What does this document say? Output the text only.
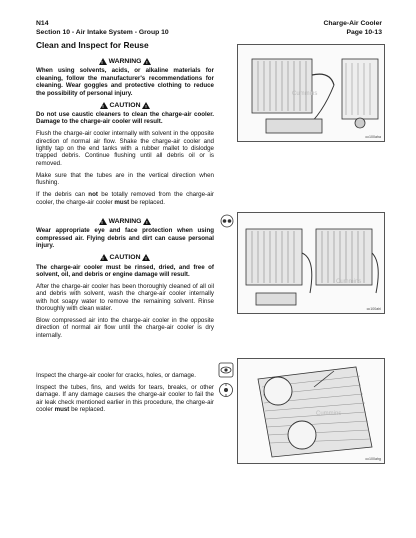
N14
Section 10 - Air Intake System - Group 10
Charge-Air Cooler
Page 10-13
Clean and Inspect for Reuse
!
WARNING
!

When using solvents, acids, or alkaline materials for cleaning, follow the manufacturer's recommendations for cleaning. Wear goggles and protective clothing to reduce the possibility of personal injury.

!
CAUTION
!

Do not use caustic cleaners to clean the charge-air cooler. Damage to the charge-air cooler will result.

Flush the charge-air cooler internally with solvent in the opposite direction of normal air flow. Shake the charge-air cooler and lightly tap on the end tanks with a rubber mallet to dislodge trapped debris. Continue flushing until all debris oil or is removed.

Make sure that the tubes are in the vertical direction when flushing.

If the debris can not be totally removed from the charge-air cooler, the charge-air cooler must be replaced.

Cummins
cc100aha
!
WARNING
!

Wear appropriate eye and face protection when using compressed air. Flying debris and dirt can cause personal injury.

!
CAUTION
!

The charge-air cooler must be rinsed, dried, and free of solvent, oil, and debris or engine damage will result.

After the charge-air cooler has been thoroughly cleaned of all oil and debris with solvent, wash the charge-air cooler internally with hot soapy water to remove the remaining solvent. Rinse thoroughly with clean water.

Blow compressed air into the charge-air cooler in the opposite direction of normal air flow until the charge-air cooler is dry internally.

Cummins
cc100ahi

Inspect the charge-air cooler for cracks, holes, or damage.

Inspect the tubes, fins, and welds for tears, breaks, or other damage. If any damage causes the charge-air cooler to fail the air leak check mentioned earlier in this procedure, the charge-air cooler must be replaced.

Cummins
cc100ahg
